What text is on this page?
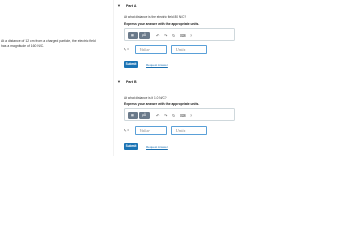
At a distance of 12 cm from a charged particle, the electric field has a magnitude of 160 N/C.
▼ Part A
At what distance is the electric field 80 N/C?
Express your answer with the appropriate units.
▦	μÅ	↶ ↷ ↻ ⌨ ?
r₂ =	Value	Units
Submit	Request Answer
▼ Part B
At what distance is it 1.0 N/C?
Express your answer with the appropriate units.
▦	μÅ	↶ ↷ ↻ ⌨ ?
r₃ =	Value	Units
Submit	Request Answer
